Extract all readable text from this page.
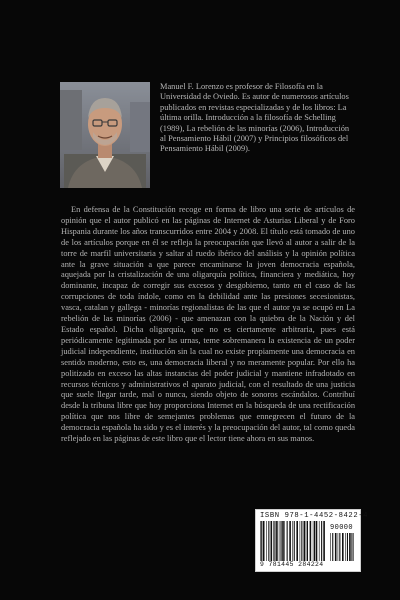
Manuel F. Lorenzo es profesor de Filosofía en la Universidad de Oviedo. Es autor de numerosos artículos publicados en revistas especializadas y de los libros: La última orilla. Introducción a la filosofía de Schelling (1989), La rebelión de las minorías (2006), Introducción al Pensamiento Hábil (2007) y Principios filosóficos del Pensamiento Hábil (2009).

En defensa de la Constitución recoge en forma de libro una serie de artículos de opinión que el autor publicó en las páginas de Internet de Asturias Liberal y de Foro Hispania durante los años transcurridos entre 2004 y 2008. El título está tomado de uno de los artículos porque en él se refleja la preocupación que llevó al autor a salir de la torre de marfil universitaria y saltar al ruedo ibérico del análisis y la opinión política ante la grave situación a que parece encaminarse la joven democracia española, aquejada por la cristalización de una oligarquía política, financiera y mediática, hoy dominante, incapaz de corregir sus excesos y desgobierno, tanto en el caso de las corrupciones de toda índole, como en la debilidad ante las presiones secesionistas, vasca, catalan y gallega - minorías regionalistas de las que el autor ya se ocupó en La rebelión de las minorías (2006) - que amenazan con la quiebra de la Nación y del Estado español. Dicha oligarquía, que no es ciertamente arbitraria, pues está periódicamente legitimada por las urnas, teme sobremanera la existencia de un poder judicial independiente, institución sin la cual no existe propiamente una democracia en sentido moderno, esto es, una democracia liberal y no meramente popular. Por ello ha politizado en exceso las altas instancias del poder judicial y mantiene infradotado en recursos técnicos y administrativos el aparato judicial, con el resultado de una justicia que suele llegar tarde, mal o nunca, siendo objeto de sonoros escándalos. Contribuí desde la tribuna libre que hoy proporciona Internet en la búsqueda de una rectificación política que nos libre de semejantes problemas que ennegrecen el futuro de la democracia española ha sido y es el interés y la preocupación del autor, tal como queda reflejado en las páginas de este libro que el lector tiene ahora en sus manos.

ISBN 978-1-4452-8422-4
90000
9 781445 284224
